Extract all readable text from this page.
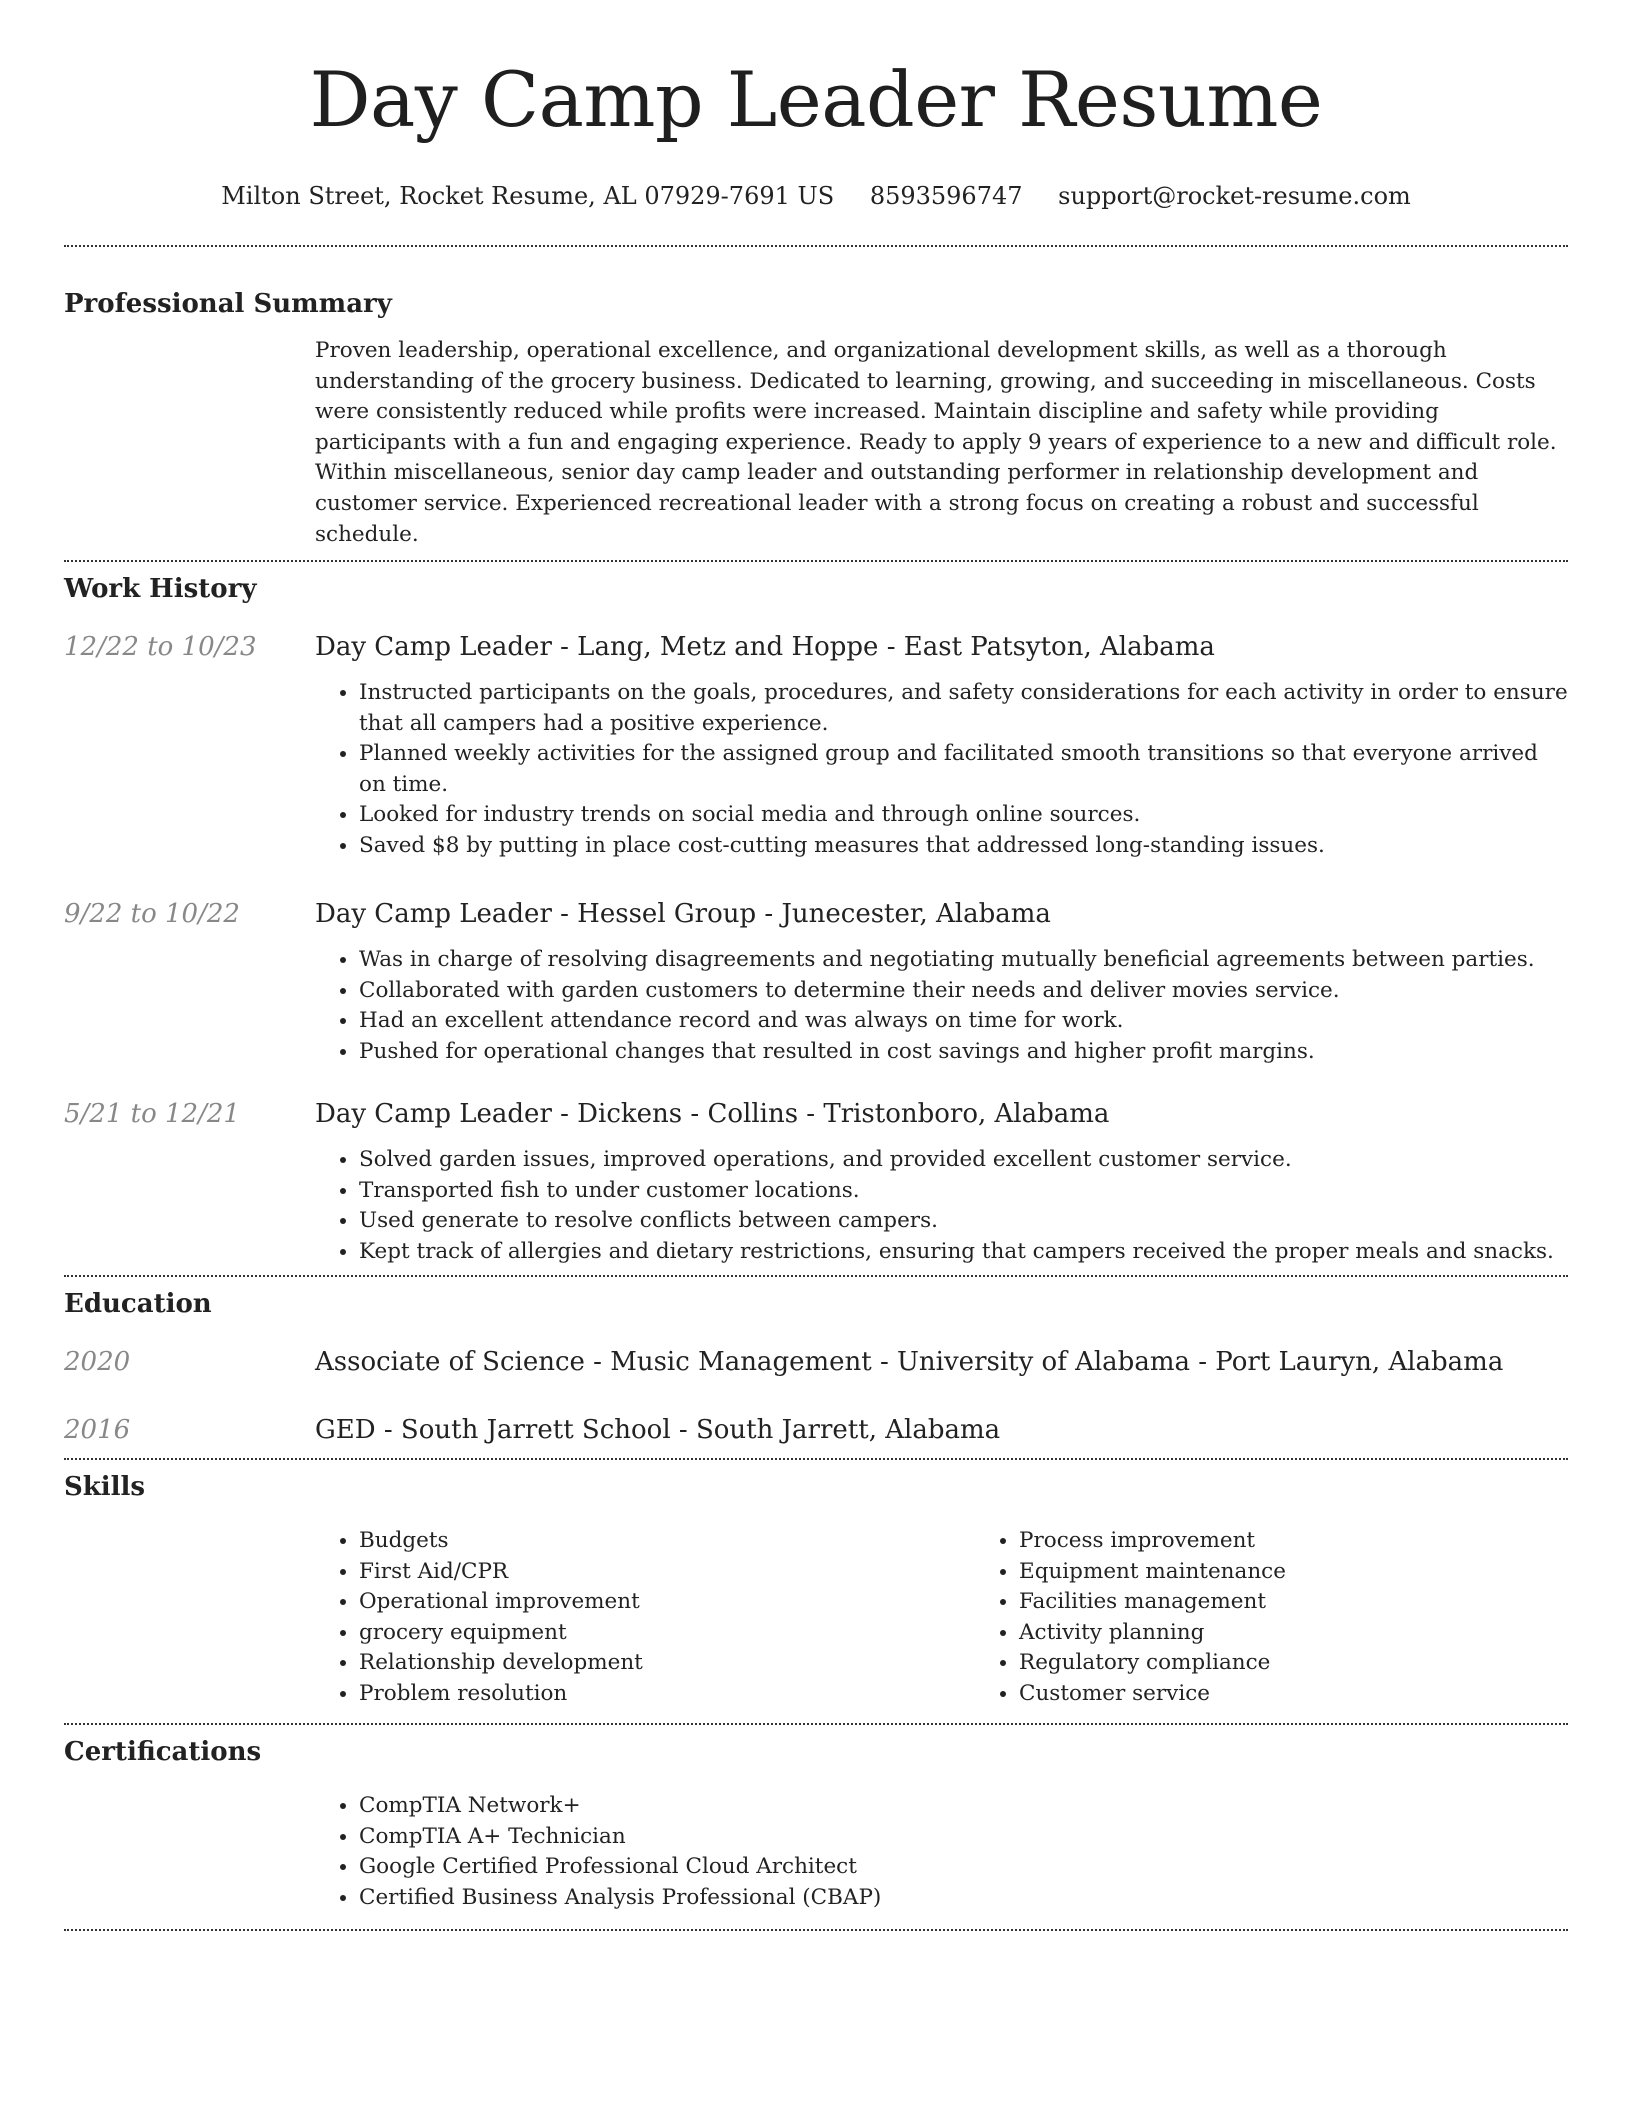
Day Camp Leader Resume
Milton Street, Rocket Resume, AL 07929-7691 US 8593596747 support@rocket-resume.com
Professional Summary

Proven leadership, operational excellence, and organizational development skills, as well as a thorough understanding of the grocery business. Dedicated to learning, growing, and succeeding in miscellaneous. Costs were consistently reduced while profits were increased. Maintain discipline and safety while providing participants with a fun and engaging experience. Ready to apply 9 years of experience to a new and difficult role. Within miscellaneous, senior day camp leader and outstanding performer in relationship development and customer service. Experienced recreational leader with a strong focus on creating a robust and successful schedule.

Work History
12/22 to 10/23	Day Camp Leader - Lang, Metz and Hoppe - East Patsyton, Alabama
• Instructed participants on the goals, procedures, and safety considerations for each activity in order to ensure that all campers had a positive experience.
• Planned weekly activities for the assigned group and facilitated smooth transitions so that everyone arrived on time.
• Looked for industry trends on social media and through online sources.
• Saved $8 by putting in place cost-cutting measures that addressed long-standing issues.
9/22 to 10/22	Day Camp Leader - Hessel Group - Junecester, Alabama
• Was in charge of resolving disagreements and negotiating mutually beneficial agreements between parties.
• Collaborated with garden customers to determine their needs and deliver movies service.
• Had an excellent attendance record and was always on time for work.
• Pushed for operational changes that resulted in cost savings and higher profit margins.
5/21 to 12/21	Day Camp Leader - Dickens - Collins - Tristonboro, Alabama
• Solved garden issues, improved operations, and provided excellent customer service.
• Transported fish to under customer locations.
• Used generate to resolve conflicts between campers.
• Kept track of allergies and dietary restrictions, ensuring that campers received the proper meals and snacks.
Education
2020	Associate of Science - Music Management - University of Alabama - Port Lauryn, Alabama
2016	GED - South Jarrett School - South Jarrett, Alabama
Skills
• Budgets
• First Aid/CPR
• Operational improvement
• grocery equipment
• Relationship development
• Problem resolution
• Process improvement
• Equipment maintenance
• Facilities management
• Activity planning
• Regulatory compliance
• Customer service
Certifications
• CompTIA Network+
• CompTIA A+ Technician
• Google Certified Professional Cloud Architect
• Certified Business Analysis Professional (CBAP)
